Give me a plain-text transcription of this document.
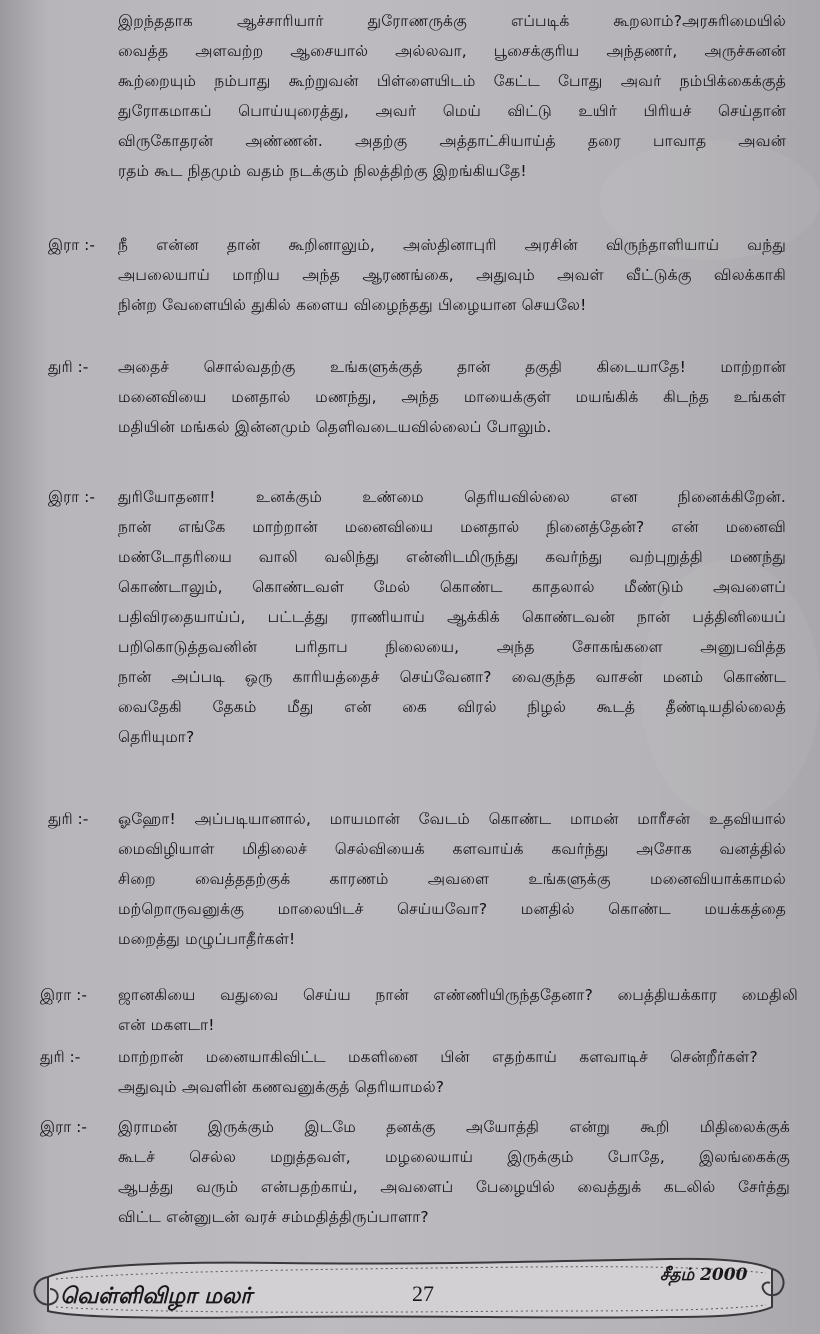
இறந்ததாக ஆச்சாரியார் துரோணருக்கு எப்படிக் கூறலாம்? அரசுரிமையில்
வைத்த அளவற்ற ஆசையால் அல்லவா, பூசைக்குரிய அந்தணர், அருச்சுனன்
கூற்றையும் நம்பாது கூற்றுவன் பிள்ளையிடம் கேட்ட போது அவர் நம்பிக்கைக்குத்
துரோகமாகப் பொய்யுரைத்து, அவர் மெய் விட்டு உயிர் பிரியச் செய்தான்
விருகோதரன் அண்ணன். அதற்கு அத்தாட்சியாய்த் தரை பாவாத அவன்
ரதம் கூட நிதமும் வதம் நடக்கும் நிலத்திற்கு இறங்கியதே!
இரா :- நீ என்ன தான் கூறினாலும், அஸ்தினாபுரி அரசின் விருந்தாளியாய் வந்து
அபலையாய் மாறிய அந்த ஆரணங்கை, அதுவும் அவள் வீட்டுக்கு விலக்காகி
நின்ற வேளையில் துகில் களைய விழைந்தது பிழையான செயலே!
துரி :- அதைச் சொல்வதற்கு உங்களுக்குத் தான் தகுதி கிடையாதே! மாற்றான்
மனைவியை மனதால் மணந்து, அந்த மாயைக்குள் மயங்கிக் கிடந்த உங்கள்
மதியின் மங்கல் இன்னமும் தெளிவடையவில்லைப் போலும்.
இரா :- துரியோதனா! உனக்கும் உண்மை தெரியவில்லை என நினைக்கிறேன்.
நான் எங்கே மாற்றான் மனைவியை மனதால் நினைத்தேன்? என் மனைவி
மண்டோதரியை வாலி வலிந்து என்னிடமிருந்து கவர்ந்து வற்புறுத்தி மணந்து
கொண்டாலும், கொண்டவள் மேல் கொண்ட காதலால் மீண்டும் அவளைப்
பதிவிரதையாய்ப், பட்டத்து ராணியாய் ஆக்கிக் கொண்டவன் நான் பத்தினியைப்
பறிகொடுத்தவனின் பரிதாப நிலையை, அந்த சோகங்களை அனுபவித்த
நான் அப்படி ஒரு காரியத்தைச் செய்வேனா? வைகுந்த வாசன் மனம் கொண்ட
வைதேகி தேகம் மீது என் கை விரல் நிழல் கூடத் தீண்டியதில்லைத்
தெரியுமா?
துரி :- ஓஹோ! அப்படியானால், மாயமான் வேடம் கொண்ட மாமன் மாரீசன் உதவியால்
மைவிழியாள் மிதிலைச் செல்வியைக் களவாய்க் கவர்ந்து அசோக வனத்தில்
சிறை வைத்ததற்குக் காரணம் அவளை உங்களுக்கு மனைவியாக்காமல்
மற்றொருவனுக்கு மாலையிடச் செய்யவோ? மனதில் கொண்ட மயக்கத்தை
மறைத்து மழுப்பாதீர்கள்!
இரா :- ஜானகியை வதுவை செய்ய நான் எண்ணியிருந்ததேனா? பைத்தியக்கார மைதிலி
என் மகளடா!
துரி :- மாற்றான் மனையாகிவிட்ட மகளினை பின் எதற்காய் களவாடிச் சென்றீர்கள்?
அதுவும் அவளின் கணவனுக்குத் தெரியாமல்?
இரா :- இராமன் இருக்கும் இடமே தனக்கு அயோத்தி என்று கூறி மிதிலைக்குக்
கூடச் செல்ல மறுத்தவள், மழலையாய் இருக்கும் போதே, இலங்கைக்கு
ஆபத்து வரும் என்பதற்காய், அவளைப் பேழையில் வைத்துக் கடலில் சேர்த்து
விட்ட என்னுடன் வரச் சம்மதித்திருப்பாளா?
வெள்ளிவிழா மலர்	27
சீதம் 2000
